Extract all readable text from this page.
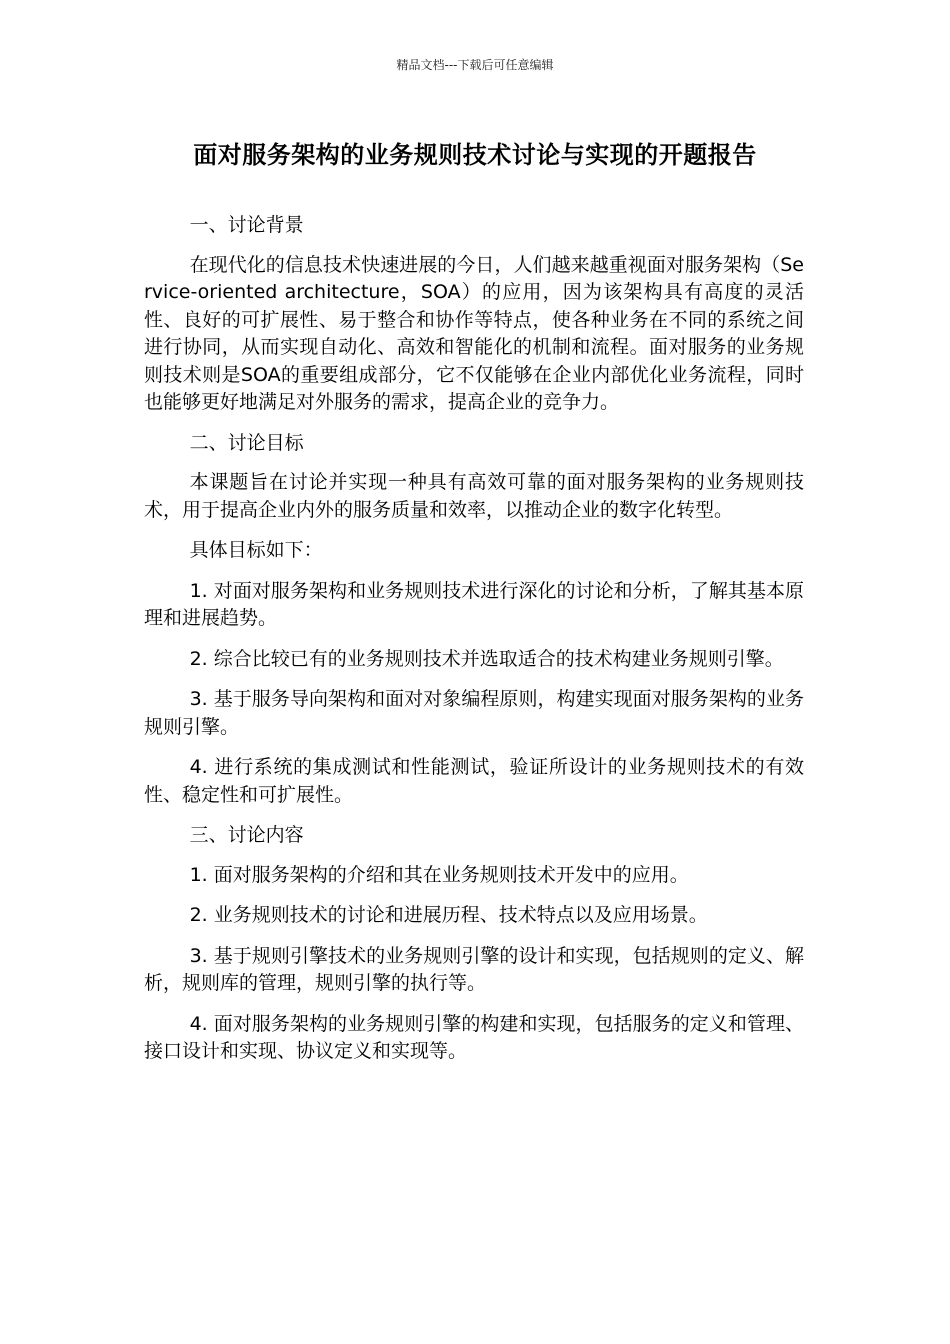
精品文档---下载后可任意编辑
面对服务架构的业务规则技术讨论与实现的开题报告

一、讨论背景

在现代化的信息技术快速进展的今日，人们越来越重视面对服务架构（Service-oriented architecture，SOA）的应用，因为该架构具有高度的灵活性、良好的可扩展性、易于整合和协作等特点，使各种业务在不同的系统之间进行协同，从而实现自动化、高效和智能化的机制和流程。面对服务的业务规则技术则是SOA的重要组成部分，它不仅能够在企业内部优化业务流程，同时也能够更好地满足对外服务的需求，提高企业的竞争力。

二、讨论目标

本课题旨在讨论并实现一种具有高效可靠的面对服务架构的业务规则技术，用于提高企业内外的服务质量和效率，以推动企业的数字化转型。

具体目标如下：

1. 对面对服务架构和业务规则技术进行深化的讨论和分析，了解其基本原理和进展趋势。

2. 综合比较已有的业务规则技术并选取适合的技术构建业务规则引擎。

3. 基于服务导向架构和面对对象编程原则，构建实现面对服务架构的业务规则引擎。

4. 进行系统的集成测试和性能测试，验证所设计的业务规则技术的有效性、稳定性和可扩展性。

三、讨论内容

1. 面对服务架构的介绍和其在业务规则技术开发中的应用。

2. 业务规则技术的讨论和进展历程、技术特点以及应用场景。

3. 基于规则引擎技术的业务规则引擎的设计和实现，包括规则的定义、解析，规则库的管理，规则引擎的执行等。

4. 面对服务架构的业务规则引擎的构建和实现，包括服务的定义和管理、接口设计和实现、协议定义和实现等。
